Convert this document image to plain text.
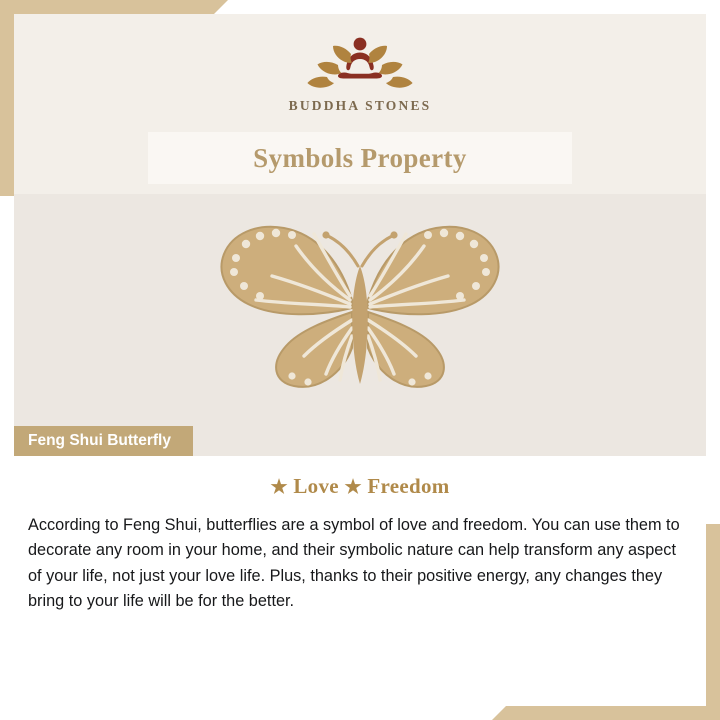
BUDDHA STONES
Symbols Property
Feng Shui Butterfly
★ Love ★ Freedom

According to Feng Shui, butterflies are a symbol of love and freedom. You can use them to decorate any room in your home, and their symbolic nature can help transform any aspect of your life, not just your love life. Plus, thanks to their positive energy, any changes they bring to your life will be for the better.
